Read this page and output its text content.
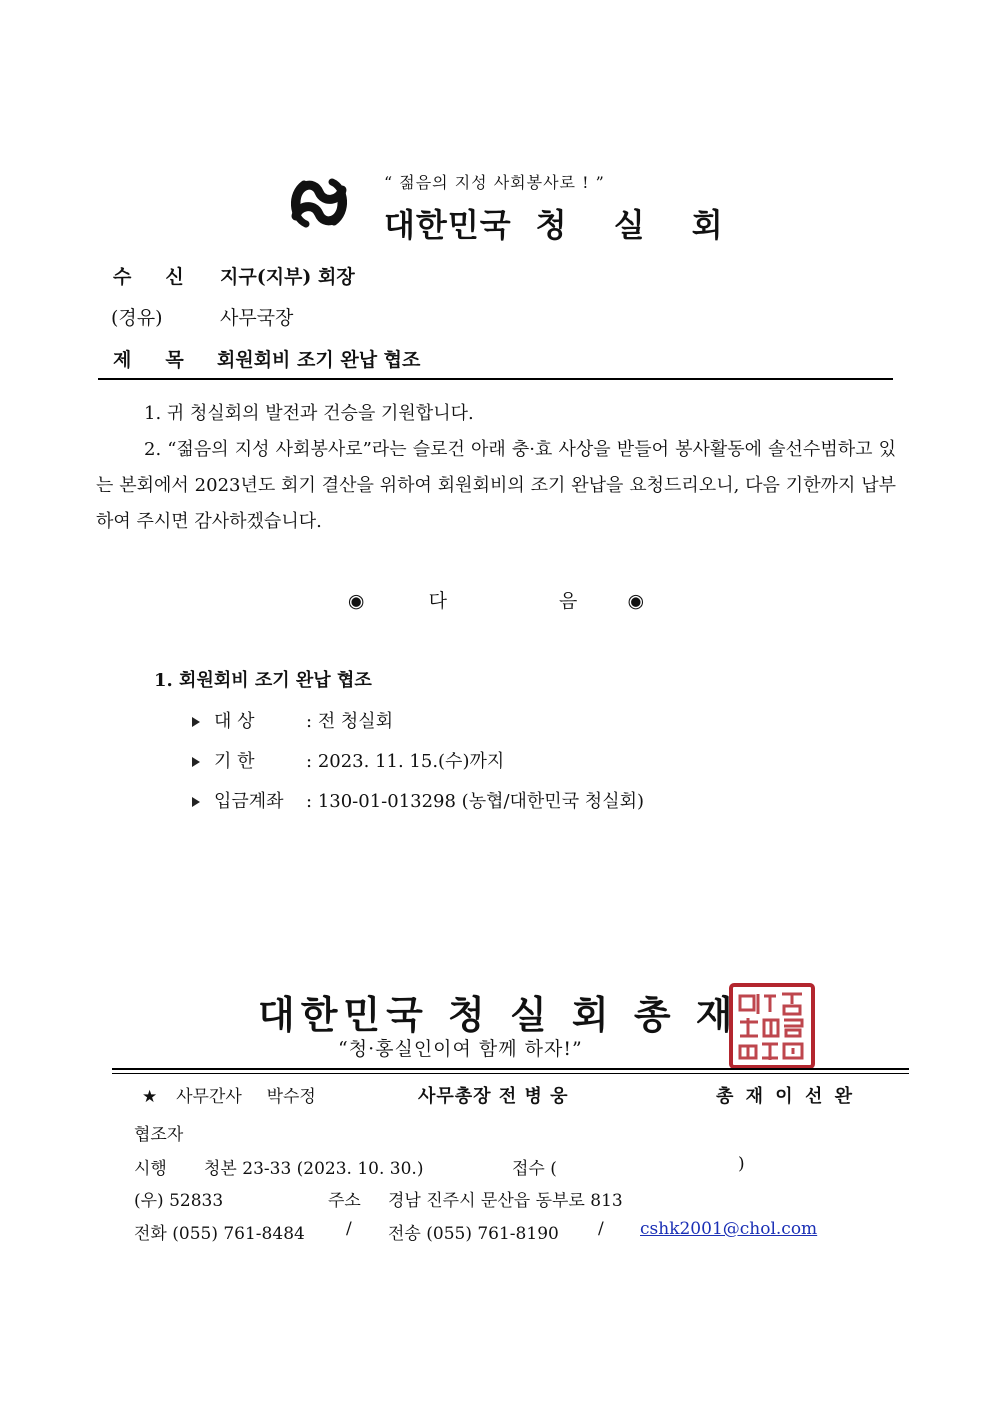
“ 젊음의 지성 사회봉사로 ! ”
대한민국 청 실 회
수 신 지구(지부) 회장
(경유)	사무국장
제 목 회원회비 조기 완납 협조

1. 귀 청실회의 발전과 건승을 기원합니다.

2. “젊음의 지성 사회봉사로”라는 슬로건 아래 충·효 사상을 받들어 봉사활동에 솔선수범하고 있는 본회에서 2023년도 회기 결산을 위하여 회원회비의 조기 완납을 요청드리오니, 다음 기한까지 납부하여 주시면 감사하겠습니다.

◉	다	음	◉
1. 회원회비 조기 완납 협조
대 상	: 전 청실회
기 한	: 2023. 11. 15.(수)까지
입금계좌 : 130-01-013298 (농협/대한민국 청실회)
대한민국 청 실 회 총 재
“청·홍실인이여 함께 하자!”
★ 사무간사 박수정	사무총장 전 병 웅	총 재 이 선 완
협조자
시행 청본 23-33 (2023. 10. 30.)	접수 (	)
(우) 52833	주소 경남 진주시 문산읍 동부로 813
전화 (055) 761-8484 / 전송 (055) 761-8190 / cshk2001@chol.com
